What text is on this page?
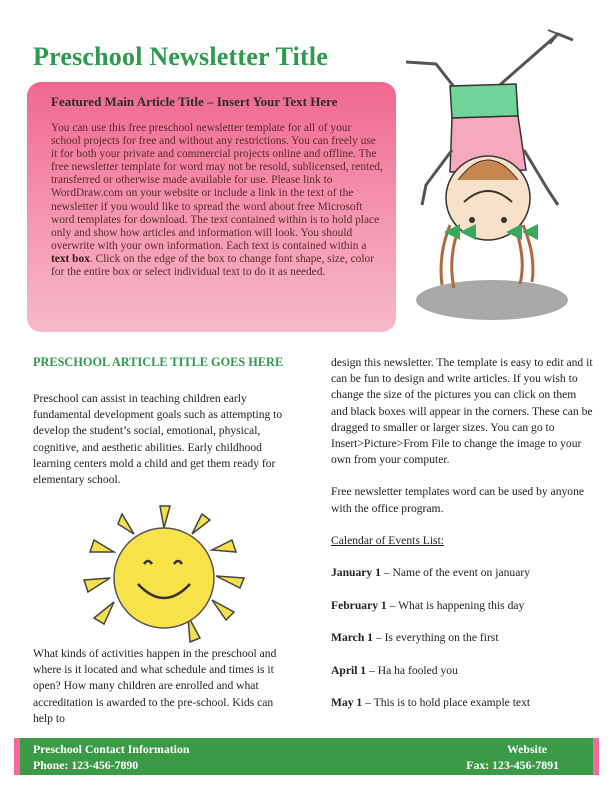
Preschool Newsletter Title
Featured Main Article Title – Insert Your Text Here
You can use this free preschool newsletter template for all of your school projects for free and without any restrictions. You can freely use it for both your private and commercial projects online and offline. The free newsletter template for word may not be resold, sublicensed, rented, transferred or otherwise made available for use. Please link to WordDraw.com on your website or include a link in the text of the newsletter if you would like to spread the word about free Microsoft word templates for download. The text contained within is to hold place only and show how articles and information will look. You should overwrite with your own information. Each text is contained within a text box. Click on the edge of the box to change font shape, size, color for the entire box or select individual text to do it as needed.
PRESCHOOL ARTICLE TITLE GOES HERE

Preschool can assist in teaching children early fundamental development goals such as attempting to develop the student’s social, emotional, physical, cognitive, and aesthetic abilities. Early childhood learning centers mold a child and get them ready for elementary school.

What kinds of activities happen in the preschool and where is it located and what schedule and times is it open? How many children are enrolled and what accreditation is awarded to the pre-school. Kids can help to

design this newsletter. The template is easy to edit and it can be fun to design and write articles. If you wish to change the size of the pictures you can click on them and black boxes will appear in the corners. These can be dragged to smaller or larger sizes. You can go to Insert>Picture>From File to change the image to your own from your computer.

Free newsletter templates word can be used by anyone with the office program.

Calendar of Events List:

January 1 – Name of the event on january
February 1 – What is happening this day
March 1 – Is everything on the first
April 1 – Ha ha fooled you
May 1 – This is to hold place example text
Preschool Contact Information
Phone: 123-456-7890
Website
Fax: 123-456-7891
